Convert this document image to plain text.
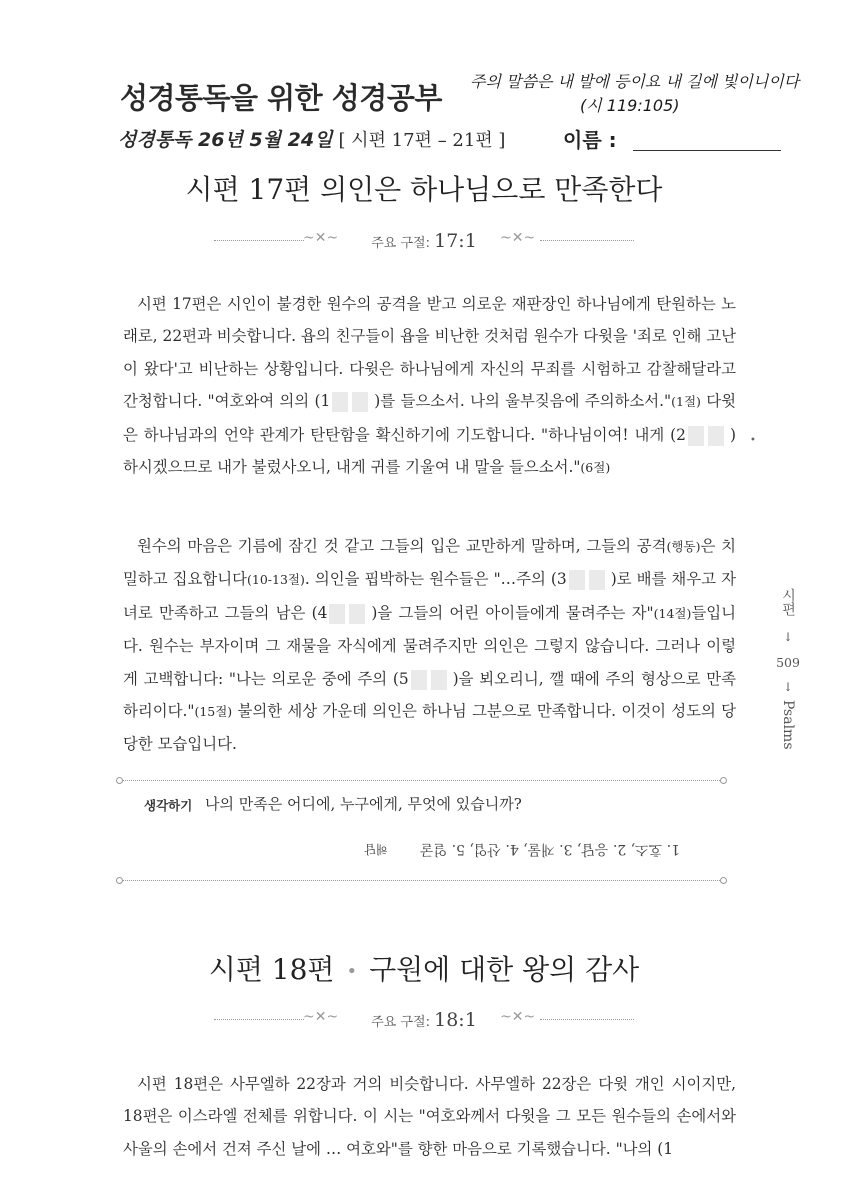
성경통독을 위한 성경공부 주의 말씀은 내 발에 등이요 내 길에 빛이니이다
(시 119:105)
성경통독 26년 5월 24일 [ 시편 17편 – 21편 ]	이름 :
시편 17편 의인은 하나님으로 만족한다
~✕~	주요 구절: 17:1	~✕~
시편 17편은 시인이 불경한 원수의 공격을 받고 의로운 재판장인 하나님에게 탄원하는 노래로, 22편과 비슷합니다. 욥의 친구들이 욥을 비난한 것처럼 원수가 다윗을 '죄로 인해 고난이 왔다'고 비난하는 상황입니다. 다윗은 하나님에게 자신의 무죄를 시험하고 감찰해달라고 간청합니다. "여호와여 의의 (1	)를 들으소서. 나의 울부짖음에 주의하소서."(1절) 다윗은 하나님과의 언약 관계가 탄탄함을 확신하기에 기도합니다. "하나님이여! 내게 (2	)하시겠으므로 내가 불렀사오니, 내게 귀를 기울여 내 말을 들으소서."(6절)
원수의 마음은 기름에 잠긴 것 같고 그들의 입은 교만하게 말하며, 그들의 공격(행동)은 치밀하고 집요합니다(10-13절). 의인을 핍박하는 원수들은 "…주의 (3	)로 배를 채우고 자녀로 만족하고 그들의 남은 (4	)을 그들의 어린 아이들에게 물려주는 자"(14절)들입니다. 원수는 부자이며 그 재물을 자식에게 물려주지만 의인은 그렇지 않습니다. 그러나 이렇게 고백합니다: "나는 의로운 중에 주의 (5	)을 뵈오리니, 깰 때에 주의 형상으로 만족하리이다."(15절) 불의한 세상 가운데 의인은 하나님 그분으로 만족합니다. 이것이 성도의 당당한 모습입니다.
•
생각하기 나의 만족은 어디에, 누구에게, 무엇에 있습니까?
1. 호소, 2. 응답, 3. 재물, 4. 산업, 5. 얼굴 해답
시편 18편 • 구원에 대한 왕의 감사
~✕~	주요 구절: 18:1	~✕~
시편 18편은 사무엘하 22장과 거의 비슷합니다. 사무엘하 22장은 다윗 개인 시이지만, 18편은 이스라엘 전체를 위합니다. 이 시는 "여호와께서 다윗을 그 모든 원수들의 손에서와 사울의 손에서 건져 주신 날에 … 여호와"를 향한 마음으로 기록했습니다. "나의 (1
시편
↓
509
↓
Psalms
